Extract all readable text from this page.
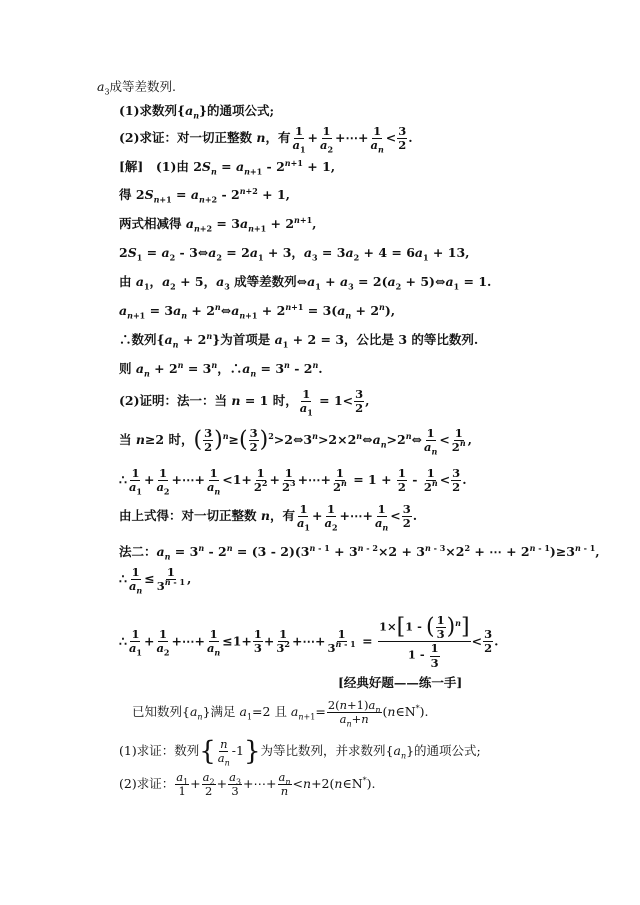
$a_3$成等差数列.
(1)求数列$\{a_n\}$的通项公式;
(2)求证：对一切正整数 n，有 $\frac{1}{a_1} + \frac{1}{a_2}$ +⋯+ $\frac{1}{a_n} < \frac{3}{2}$ .
[解]　(1)由 $2S_n = a_{n+1} - 2^{n+1} + 1$,
得 $2S_{n+1} = a_{n+2} - 2^{n+2} + 1$,
两式相减得 $a_{n+2} = 3a_{n+1} + 2^{n+1}$,
$2S_1 = a_2$ - $3\Leftrightarrow a_2 = 2a_1 + 3$，$a_3 = 3a_2 + 4 = 6a_1 + 13$,
由 $a_1$，$a_2 + 5$，$a_3$ 成等差数列$\Leftrightarrow a_1 + a_3 = 2(a_2$ + $5)\Leftrightarrow a_1 = 1$.
$a_{n+1} = 3a_n$ + $2^n\Leftrightarrow a_{n+1} + 2^{n+1} = 3(a_n + 2^n)$,
∴数列$\{a_n + 2^n\}$为首项是 $a_1 + 2 = 3$，公比是 3 的等比数列.
则 $a_n + 2^n = 3^n$，$\therefore a_n = 3^n - 2^n$.
(2)证明：法一：当 n = 1 时， $\frac{1}{a_1} = 1< \frac{3}{2}$ ,
当 n≥2 时，( $\frac{3}{2} )^n\ge( \frac{3}{2}$ )$^2>2\Leftrightarrow 3^n>2\times 2^n\Leftrightarrow a_n>2^n\Leftrightarrow \frac{1}{a_n} < \frac{1}{2^n}$ ,
∴ $\frac{1}{a_1} + \frac{1}{a_2}$ +⋯+ $\frac{1}{a_n} <1+ \frac{1}{2^2} + \frac{1}{2^3}$ +⋯+ $\frac{1}{2^n} = 1 + \frac{1}{2} - \frac{1}{2^n} < \frac{3}{2}$ .
由上式得：对一切正整数 n，有 $\frac{1}{a_1} + \frac{1}{a_2}$ +⋯+ $\frac{1}{a_n} < \frac{3}{2}$ .
法二：$a_n = 3^n - 2^n = (3 - 2)(3^{n - 1} + 3^{n - 2}\times 2 + 3^{n - 3}\times 2^2$ + ⋯ + $2^{n - 1})\ge 3^{n - 1}$,
∴ $\frac{1}{a_n} \le \frac{1}{3^{n - 1}}$ ,
∴ $\frac{1}{a_1} + \frac{1}{a_2}$ +⋯+ $\frac{1}{a_n} \le 1+ \frac{1}{3} + \frac{1}{3^2}$ +⋯+ $\frac{1}{3^{n - 1}} = \frac{1\times[1 - ( \frac{1}{3} )^n]}{1 - \frac{1}{3}} < \frac{3}{2}$ .
[经典好题——练一手]
已知数列$\{a_n\}$满足 $a_1=2$ 且 $a_{n+1}= \frac{2(n+1)a_n}{a_n+n}$ (n∈N*).
(1)求证：数列{ $\frac{n}{a_n} -1$}为等比数列，并求数列$\{a_n\}$的通项公式;
(2)求证： $\frac{a_1}{1} + \frac{a_2}{2} + \frac{a_3}{3}$ +⋯+ $\frac{a_n}{n}$ <n+2(n∈N*).
